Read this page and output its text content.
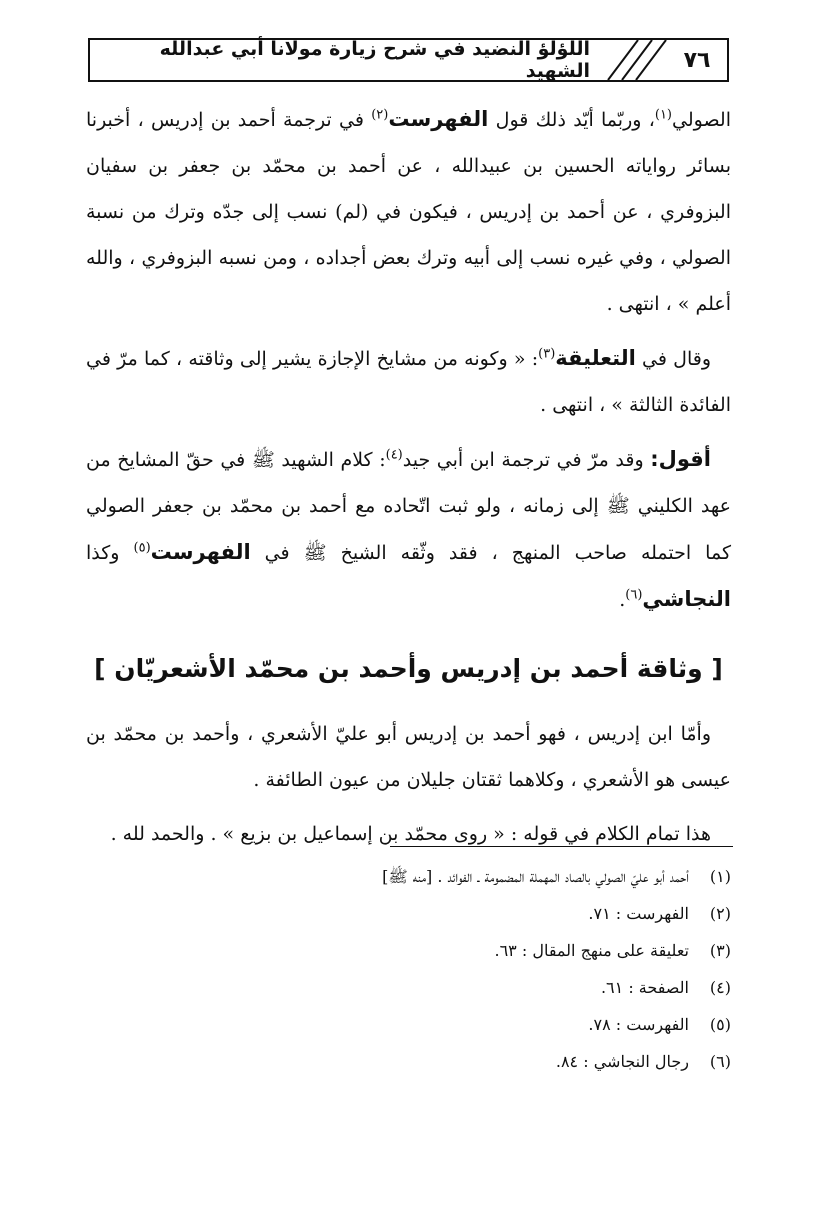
اللؤلؤ النضيد في شرح زيارة مولانا أبي عبدالله الشهيد	٧٦
الصولي$^{(١)}$، وربّما أيّد ذلك قول الفهرست$^{(٢)}$ في ترجمة أحمد بن إدريس ، أخبرنا بسائر رواياته الحسين بن عبيدالله ، عن أحمد بن محمّد بن جعفر بن سفيان البزوفري ، عن أحمد بن إدريس ، فيكون في (لم) نسب إلى جدّه وترك من نسبة الصولي ، وفي غيره نسب إلى أبيه وترك بعض أجداده ، ومن نسبه البزوفري ، والله أعلم » ، انتهى .
وقال في التعليقة$^{(٣)}$: « وكونه من مشايخ الإجازة يشير إلى وثاقته ، كما مرّ في الفائدة الثالثة » ، انتهى .
أقول: وقد مرّ في ترجمة ابن أبي جيد$^{(٤)}$: كلام الشهيد ﷺ في حقّ المشايخ من عهد الكليني ﷺ إلى زمانه ، ولو ثبت اتّحاده مع أحمد بن محمّد بن جعفر الصولي كما احتمله صاحب المنهج ، فقد وثّقه الشيخ ﷺ في الفهرست$^{(٥)}$ وكذا النجاشي$^{(٦)}$.
[ وثاقة أحمد بن إدريس وأحمد بن محمّد الأشعريّان ]
وأمّا ابن إدريس ، فهو أحمد بن إدريس أبو عليّ الأشعري ، وأحمد بن محمّد بن عيسى هو الأشعري ، وكلاهما ثقتان جليلان من عيون الطائفة .
هذا تمام الكلام في قوله : « روى محمّد بن إسماعيل بن بزيع » . والحمد لله .
(١)
أحمد أبو عليّ الصولي بالصاد المهملة المضمومة ـ الفوائد . [منه ﷺ]
(٢)
الفهرست : ٧١.
(٣)
تعليقة على منهج المقال : ٦٣.
(٤)
الصفحة : ٦١.
(٥)
الفهرست : ٧٨.
(٦)
رجال النجاشي : ٨٤.
